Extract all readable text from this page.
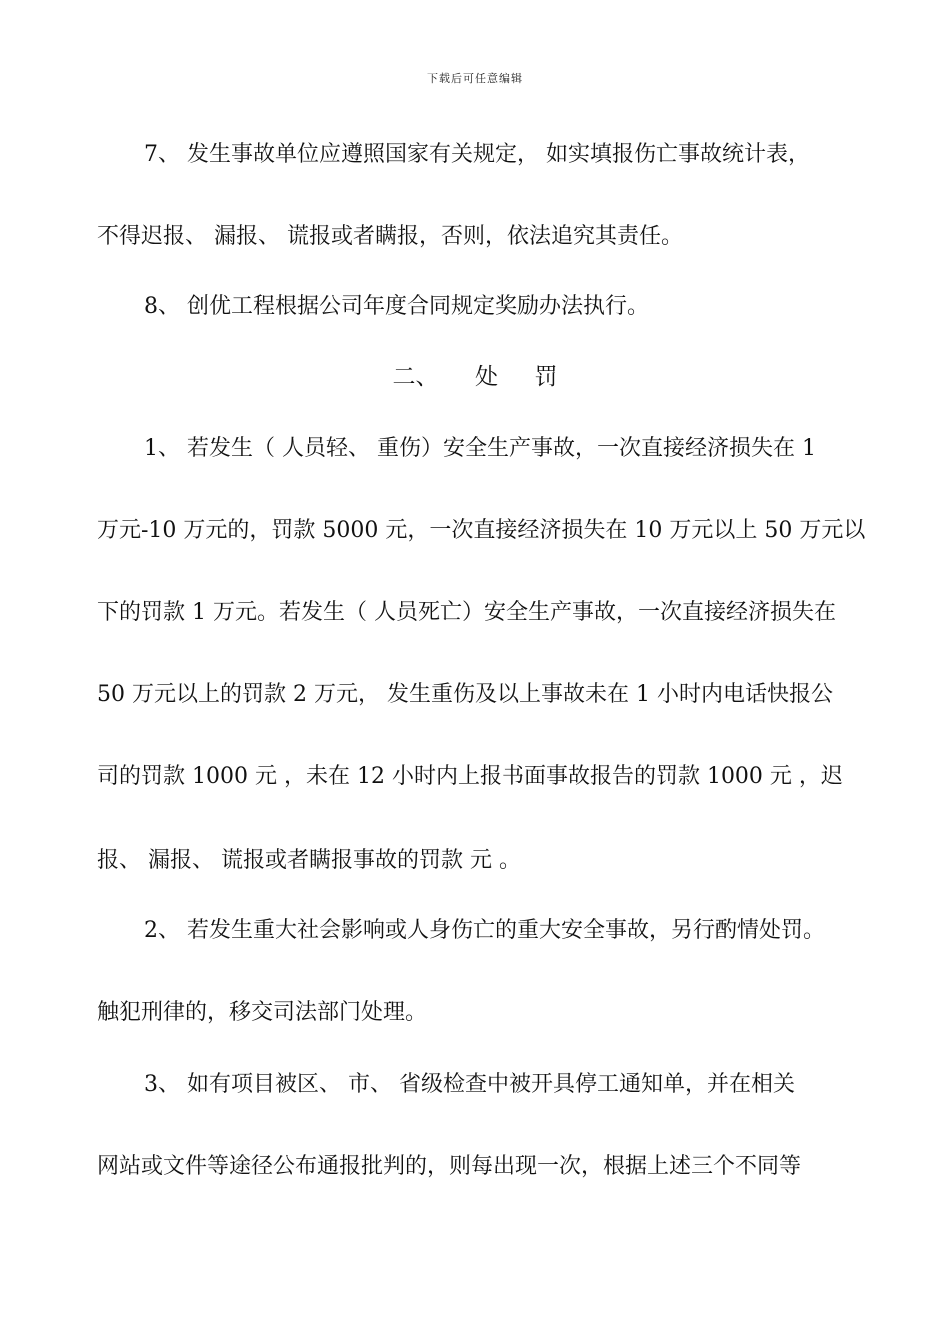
下载后可任意编辑
7、 发生事故单位应遵照国家有关规定， 如实填报伤亡事故统计表，
不得迟报、 漏报、 谎报或者瞒报，否则，依法追究其责任。
8、 创优工程根据公司年度合同规定奖励办法执行。
二、     处     罚
1、 若发生（ 人员轻、 重伤）安全生产事故，一次直接经济损失在 1
万元-10 万元的，罚款 5000 元，一次直接经济损失在 10 万元以上 50 万元以
下的罚款 1 万元。若发生（ 人员死亡）安全生产事故，一次直接经济损失在
50 万元以上的罚款 2 万元， 发生重伤及以上事故未在 1 小时内电话快报公
司的罚款 1000 元 ，未在 12 小时内上报书面事故报告的罚款 1000 元 ，迟
报、 漏报、 谎报或者瞒报事故的罚款 元 。
2、 若发生重大社会影响或人身伤亡的重大安全事故，另行酌情处罚。
触犯刑律的，移交司法部门处理。
3、 如有项目被区、 市、 省级检查中被开具停工通知单，并在相关
网站或文件等途径公布通报批判的，则每出现一次，根据上述三个不同等
